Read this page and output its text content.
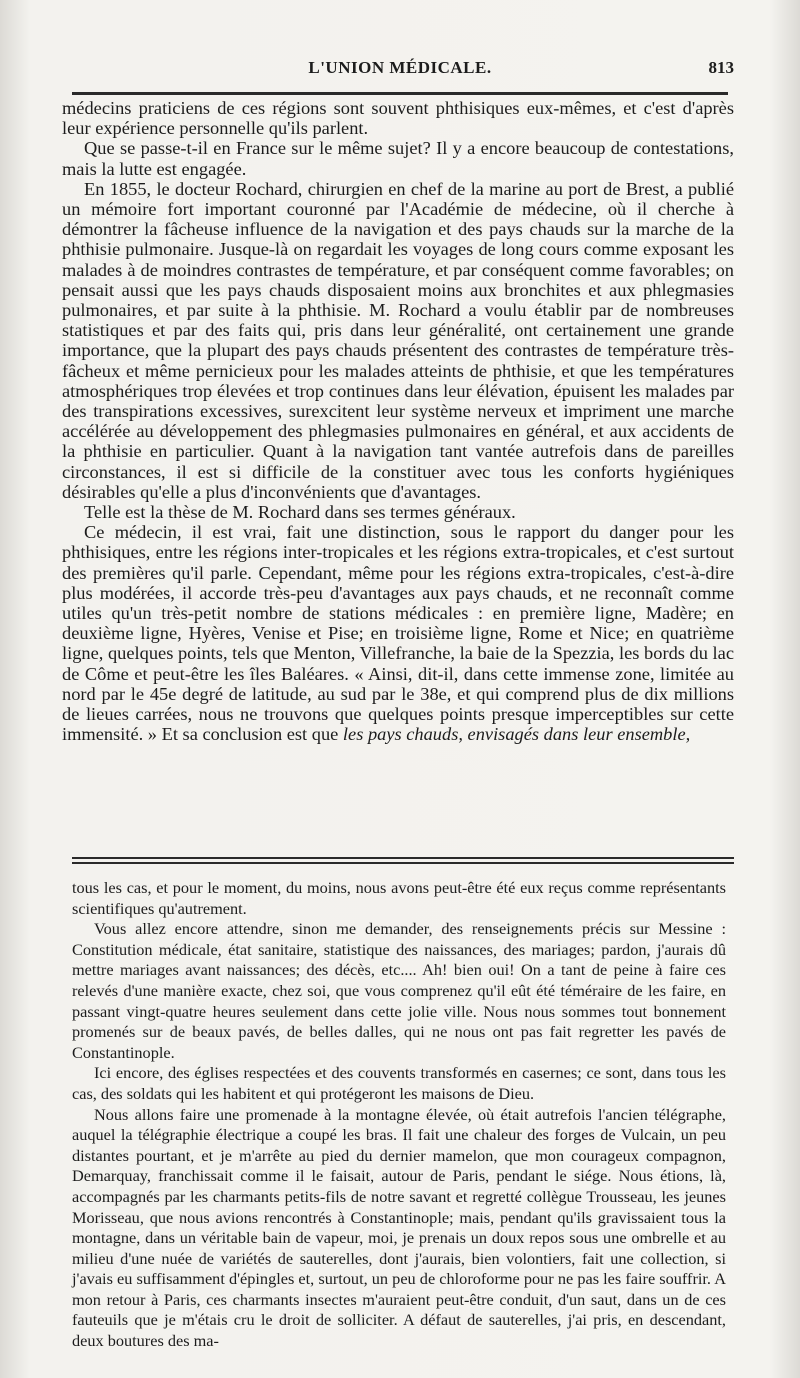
L'UNION MÉDICALE.	813

médecins praticiens de ces régions sont souvent phthisiques eux-mêmes, et c'est d'après leur expérience personnelle qu'ils parlent.

Que se passe-t-il en France sur le même sujet? Il y a encore beaucoup de contestations, mais la lutte est engagée.

En 1855, le docteur Rochard, chirurgien en chef de la marine au port de Brest, a publié un mémoire fort important couronné par l'Académie de médecine, où il cherche à démontrer la fâcheuse influence de la navigation et des pays chauds sur la marche de la phthisie pulmonaire. Jusque-là on regardait les voyages de long cours comme exposant les malades à de moindres contrastes de température, et par conséquent comme favorables; on pensait aussi que les pays chauds disposaient moins aux bronchites et aux phlegmasies pulmonaires, et par suite à la phthisie. M. Rochard a voulu établir par de nombreuses statistiques et par des faits qui, pris dans leur généralité, ont certainement une grande importance, que la plupart des pays chauds présentent des contrastes de température très-fâcheux et même pernicieux pour les malades atteints de phthisie, et que les températures atmosphériques trop élevées et trop continues dans leur élévation, épuisent les malades par des transpirations excessives, surexcitent leur système nerveux et impriment une marche accélérée au développement des phlegmasies pulmonaires en général, et aux accidents de la phthisie en particulier. Quant à la navigation tant vantée autrefois dans de pareilles circonstances, il est si difficile de la constituer avec tous les conforts hygiéniques désirables qu'elle a plus d'inconvénients que d'avantages.

Telle est la thèse de M. Rochard dans ses termes généraux.

Ce médecin, il est vrai, fait une distinction, sous le rapport du danger pour les phthisiques, entre les régions inter-tropicales et les régions extra-tropicales, et c'est surtout des premières qu'il parle. Cependant, même pour les régions extra-tropicales, c'est-à-dire plus modérées, il accorde très-peu d'avantages aux pays chauds, et ne reconnaît comme utiles qu'un très-petit nombre de stations médicales : en première ligne, Madère; en deuxième ligne, Hyères, Venise et Pise; en troisième ligne, Rome et Nice; en quatrième ligne, quelques points, tels que Menton, Villefranche, la baie de la Spezzia, les bords du lac de Côme et peut-être les îles Baléares. « Ainsi, dit-il, dans cette immense zone, limitée au nord par le 45e degré de latitude, au sud par le 38e, et qui comprend plus de dix millions de lieues carrées, nous ne trouvons que quelques points presque imperceptibles sur cette immensité. » Et sa conclusion est que les pays chauds, envisagés dans leur ensemble,

tous les cas, et pour le moment, du moins, nous avons peut-être été eux reçus comme représentants scientifiques qu'autrement.

Vous allez encore attendre, sinon me demander, des renseignements précis sur Messine : Constitution médicale, état sanitaire, statistique des naissances, des mariages; pardon, j'aurais dû mettre mariages avant naissances; des décès, etc.... Ah! bien oui! On a tant de peine à faire ces relevés d'une manière exacte, chez soi, que vous comprenez qu'il eût été téméraire de les faire, en passant vingt-quatre heures seulement dans cette jolie ville. Nous nous sommes tout bonnement promenés sur de beaux pavés, de belles dalles, qui ne nous ont pas fait regretter les pavés de Constantinople.

Ici encore, des églises respectées et des couvents transformés en casernes; ce sont, dans tous les cas, des soldats qui les habitent et qui protégeront les maisons de Dieu.

Nous allons faire une promenade à la montagne élevée, où était autrefois l'ancien télégraphe, auquel la télégraphie électrique a coupé les bras. Il fait une chaleur des forges de Vulcain, un peu distantes pourtant, et je m'arrête au pied du dernier mamelon, que mon courageux compagnon, Demarquay, franchissait comme il le faisait, autour de Paris, pendant le siége. Nous étions, là, accompagnés par les charmants petits-fils de notre savant et regretté collègue Trousseau, les jeunes Morisseau, que nous avions rencontrés à Constantinople; mais, pendant qu'ils gravissaient tous la montagne, dans un véritable bain de vapeur, moi, je prenais un doux repos sous une ombrelle et au milieu d'une nuée de variétés de sauterelles, dont j'aurais, bien volontiers, fait une collection, si j'avais eu suffisamment d'épingles et, surtout, un peu de chloroforme pour ne pas les faire souffrir. A mon retour à Paris, ces charmants insectes m'auraient peut-être conduit, d'un saut, dans un de ces fauteuils que je m'étais cru le droit de solliciter. A défaut de sauterelles, j'ai pris, en descendant, deux boutures des ma-
